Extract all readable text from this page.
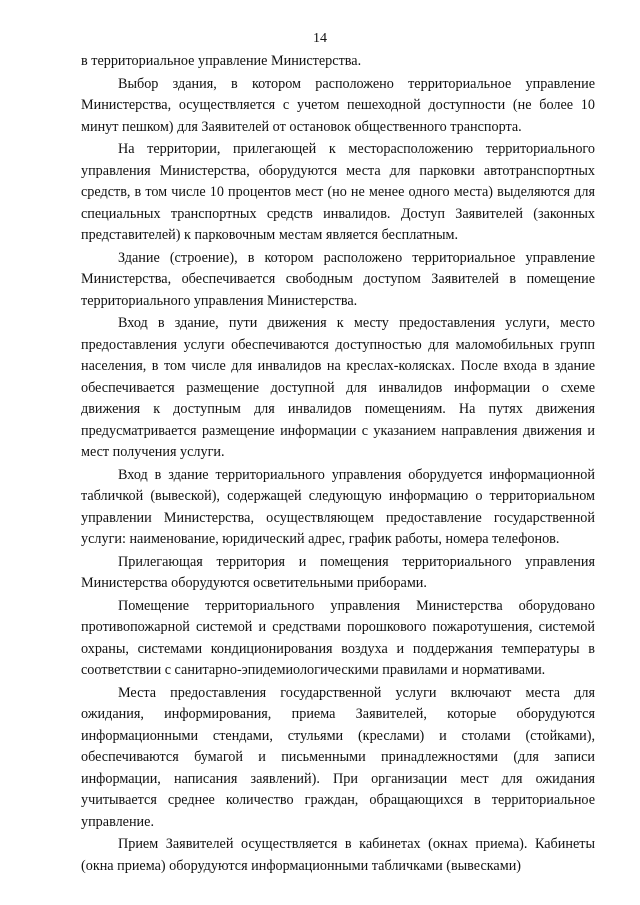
14

в территориальное управление Министерства.

Выбор здания, в котором расположено территориальное управление Министерства, осуществляется с учетом пешеходной доступности (не более 10 минут пешком) для Заявителей от остановок общественного транспорта.

На территории, прилегающей к месторасположению территориального управления Министерства, оборудуются места для парковки автотранспортных средств, в том числе 10 процентов мест (но не менее одного места) выделяются для специальных транспортных средств инвалидов. Доступ Заявителей (законных представителей) к парковочным местам является бесплатным.

Здание (строение), в котором расположено территориальное управление Министерства, обеспечивается свободным доступом Заявителей в помещение территориального управления Министерства.

Вход в здание, пути движения к месту предоставления услуги, место предоставления услуги обеспечиваются доступностью для маломобильных групп населения, в том числе для инвалидов на креслах-колясках. После входа в здание обеспечивается размещение доступной для инвалидов информации о схеме движения к доступным для инвалидов помещениям. На путях движения предусматривается размещение информации с указанием направления движения и мест получения услуги.

Вход в здание территориального управления оборудуется информационной табличкой (вывеской), содержащей следующую информацию о территориальном управлении Министерства, осуществляющем предоставление государственной услуги: наименование, юридический адрес, график работы, номера телефонов.

Прилегающая территория и помещения территориального управления Министерства оборудуются осветительными приборами.

Помещение территориального управления Министерства оборудовано противопожарной системой и средствами порошкового пожаротушения, системой охраны, системами кондиционирования воздуха и поддержания температуры в соответствии с санитарно-эпидемиологическими правилами и нормативами.

Места предоставления государственной услуги включают места для ожидания, информирования, приема Заявителей, которые оборудуются информационными стендами, стульями (креслами) и столами (стойками), обеспечиваются бумагой и письменными принадлежностями (для записи информации, написания заявлений). При организации мест для ожидания учитывается среднее количество граждан, обращающихся в территориальное управление.

Прием Заявителей осуществляется в кабинетах (окнах приема). Кабинеты (окна приема) оборудуются информационными табличками (вывесками)
